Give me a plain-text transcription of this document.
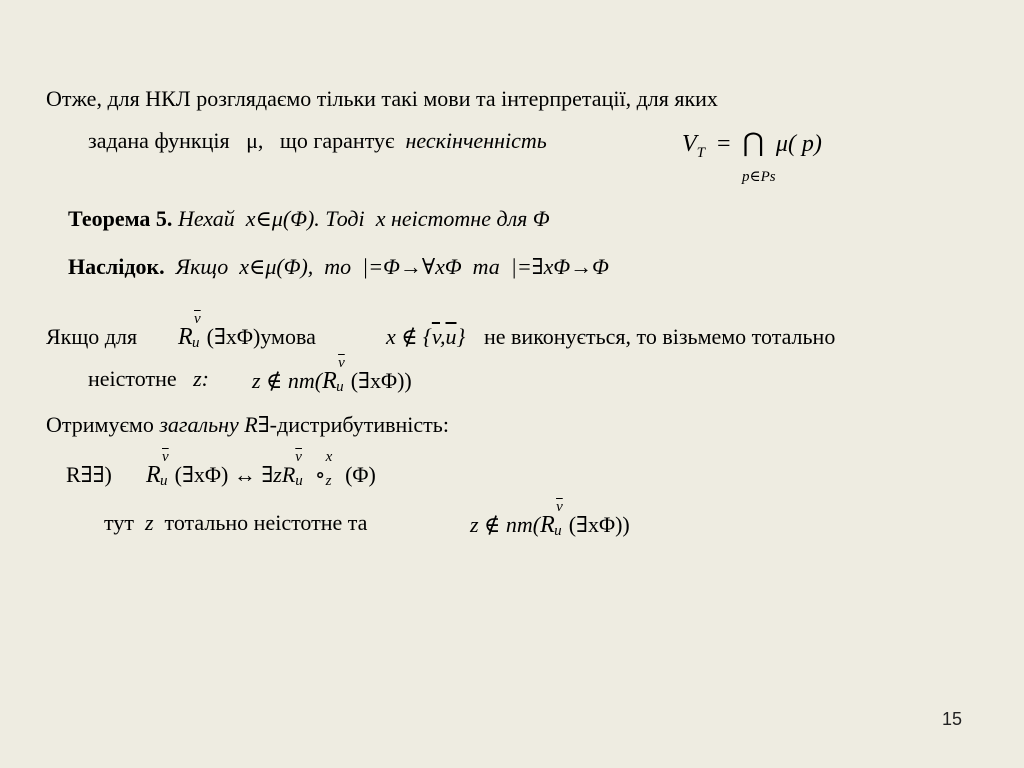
Отже, для НКЛ розглядаємо тільки такі мови та інтерпретації, для яких
задана функція μ, що гарантує нескінченність	$V_T$ = ⋂ μ( p)
p∈Ps
Теорема 5. Нехай x∈μ(Φ). Тоді x неістотне для Φ
Наслідок. Якщо x∈μ(Φ), то |=Φ→∀xΦ та |=∃xΦ→Φ
Якщо для R
$\overline{v}$
u (∃xΦ)умова	x ∉ $\{\overline{v},\overline{u}\}$ не виконується, то візьмемо тотально
неістотне z: z ∉ nm(R
$\overline{v}$
u (∃xΦ))
Отримуємо загальну R∃-дистрибутивність:
R∃∃) R
$\overline{v}$
u (∃xΦ) ↔ ∃zR
$\overline{v}$
u ∘
x
z (Φ)
тут z тотально неістотне та	z ∉ nm(R
$\overline{v}$
u (∃xΦ))
15
